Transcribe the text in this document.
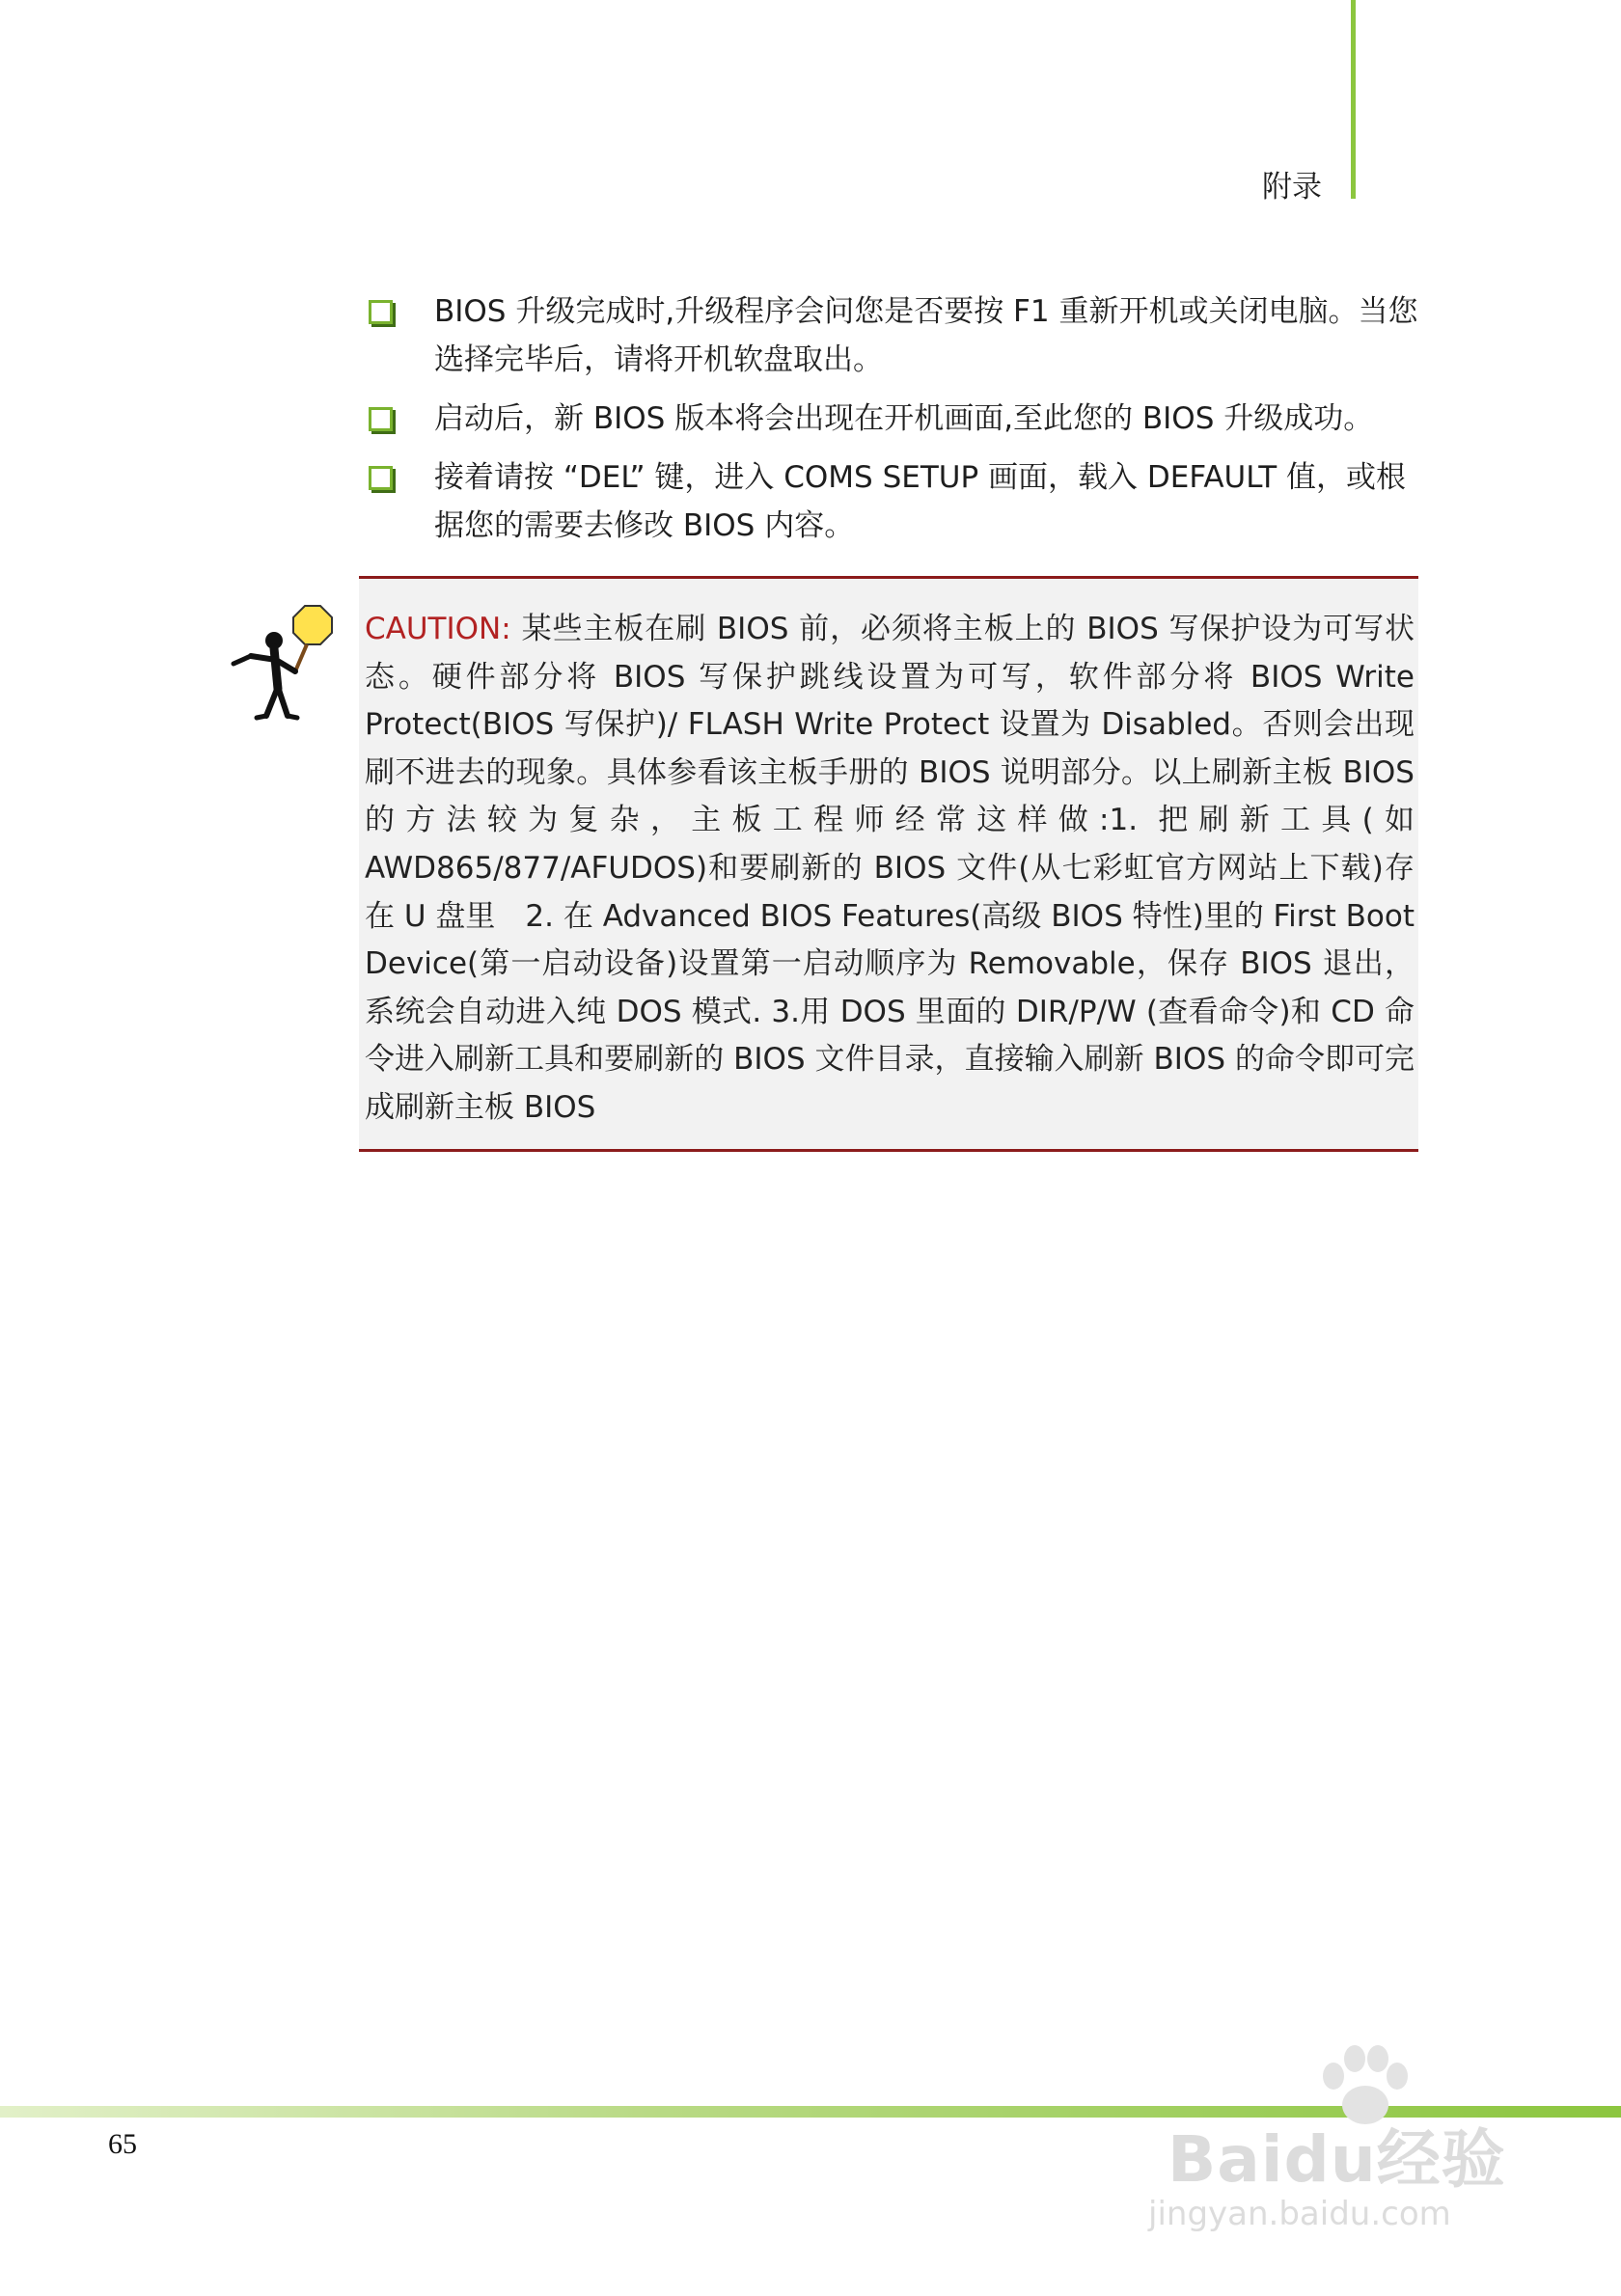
附录
BIOS 升级完成时,升级程序会问您是否要按 F1 重新开机或关闭电脑。当您选择完毕后，请将开机软盘取出。
启动后，新 BIOS 版本将会出现在开机画面,至此您的 BIOS 升级成功。
接着请按 “DEL” 键，进入 COMS SETUP 画面，载入 DEFAULT 值，或根据您的需要去修改 BIOS 内容。

CAUTION: 某些主板在刷 BIOS 前，必须将主板上的 BIOS 写保护设为可写状态。硬件部分将 BIOS 写保护跳线设置为可写，软件部分将 BIOS Write Protect(BIOS 写保护)/ FLASH Write Protect 设置为 Disabled。否则会出现刷不进去的现象。具体参看该主板手册的 BIOS 说明部分。以上刷新主板 BIOS 的方法较为复杂，主板工程师经常这样做:1. 把刷新工具(如 AWD865/877/AFUDOS)和要刷新的 BIOS 文件(从七彩虹官方网站上下载)存在 U 盘里　2. 在 Advanced BIOS Features(高级 BIOS 特性)里的 First Boot Device(第一启动设备)设置第一启动顺序为 Removable，保存 BIOS 退出，系统会自动进入纯 DOS 模式. 3.用 DOS 里面的 DIR/P/W (查看命令)和 CD 命令进入刷新工具和要刷新的 BIOS 文件目录，直接输入刷新 BIOS 的命令即可完成刷新主板 BIOS

65	Baidu经验
jingyan.baidu.com
